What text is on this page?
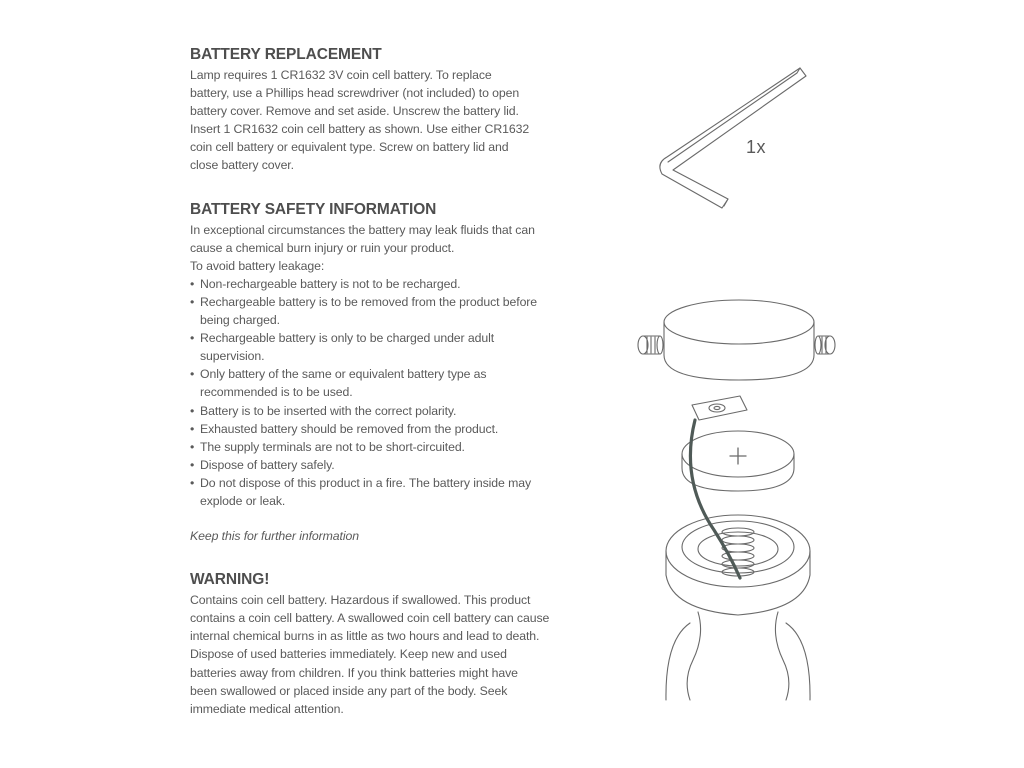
BATTERY REPLACEMENT

Lamp requires 1 CR1632 3V coin cell battery. To replace
battery, use a Phillips head screwdriver (not included) to open
battery cover. Remove and set aside. Unscrew the battery lid.
Insert 1 CR1632 coin cell battery as shown. Use either CR1632
coin cell battery or equivalent type. Screw on battery lid and
close battery cover.

BATTERY SAFETY INFORMATION

In exceptional circumstances the battery may leak fluids that can
cause a chemical burn injury or ruin your product.
To avoid battery leakage:

• Non-rechargeable battery is not to be recharged.
• Rechargeable battery is to be removed from the product before
being charged.
• Rechargeable battery is only to be charged under adult
supervision.
• Only battery of the same or equivalent battery type as
recommended is to be used.
• Battery is to be inserted with the correct polarity.
• Exhausted battery should be removed from the product.
• The supply terminals are not to be short-circuited.
• Dispose of battery safely.
• Do not dispose of this product in a fire. The battery inside may
explode or leak.

Keep this for further information

WARNING!

Contains coin cell battery. Hazardous if swallowed. This product
contains a coin cell battery. A swallowed coin cell battery can cause
internal chemical burns in as little as two hours and lead to death.
Dispose of used batteries immediately. Keep new and used
batteries away from children. If you think batteries might have
been swallowed or placed inside any part of the body. Seek
immediate medical attention.

1x
